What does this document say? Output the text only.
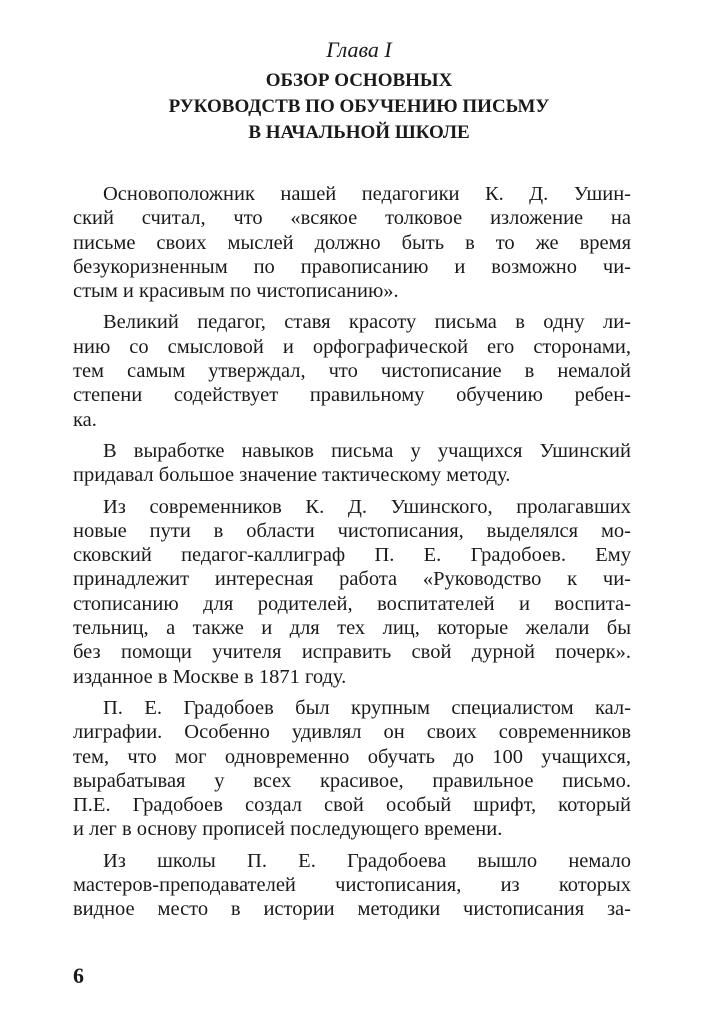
Глава I
ОБЗОР ОСНОВНЫХ
РУКОВОДСТВ ПО ОБУЧЕНИЮ ПИСЬМУ
В НАЧАЛЬНОЙ ШКОЛЕ

Основоположник нашей педагогики К. Д. Ушин-
ский считал, что «всякое толковое изложение на
письме своих мыслей должно быть в то же время
безукоризненным по правописанию и возможно чи-
стым и красивым по чистописанию».

Великий педагог, ставя красоту письма в одну ли-
нию со смысловой и орфографической его сторонами,
тем самым утверждал, что чистописание в немалой
степени содействует правильному обучению ребен-
ка.

В выработке навыков письма у учащихся Ушинский
придавал большое значение тактическому методу.

Из современников К. Д. Ушинского, пролагавших
новые пути в области чистописания, выделялся мо-
сковский педагог-каллиграф П. Е. Градобоев. Ему
принадлежит интересная работа «Руководство к чи-
стописанию для родителей, воспитателей и воспита-
тельниц, а также и для тех лиц, которые желали бы
без помощи учителя исправить свой дурной почерк».
изданное в Москве в 1871 году.

П. Е. Градобоев был крупным специалистом кал-
лиграфии. Особенно удивлял он своих современников
тем, что мог одновременно обучать до 100 учащихся,
вырабатывая у всех красивое, правильное письмо.
П.Е. Градобоев создал свой особый шрифт, который
и лег в основу прописей последующего времени.

Из школы П. Е. Градобоева вышло немало
мастеров-преподавателей чистописания, из которых
видное место в истории методики чистописания за-

6
